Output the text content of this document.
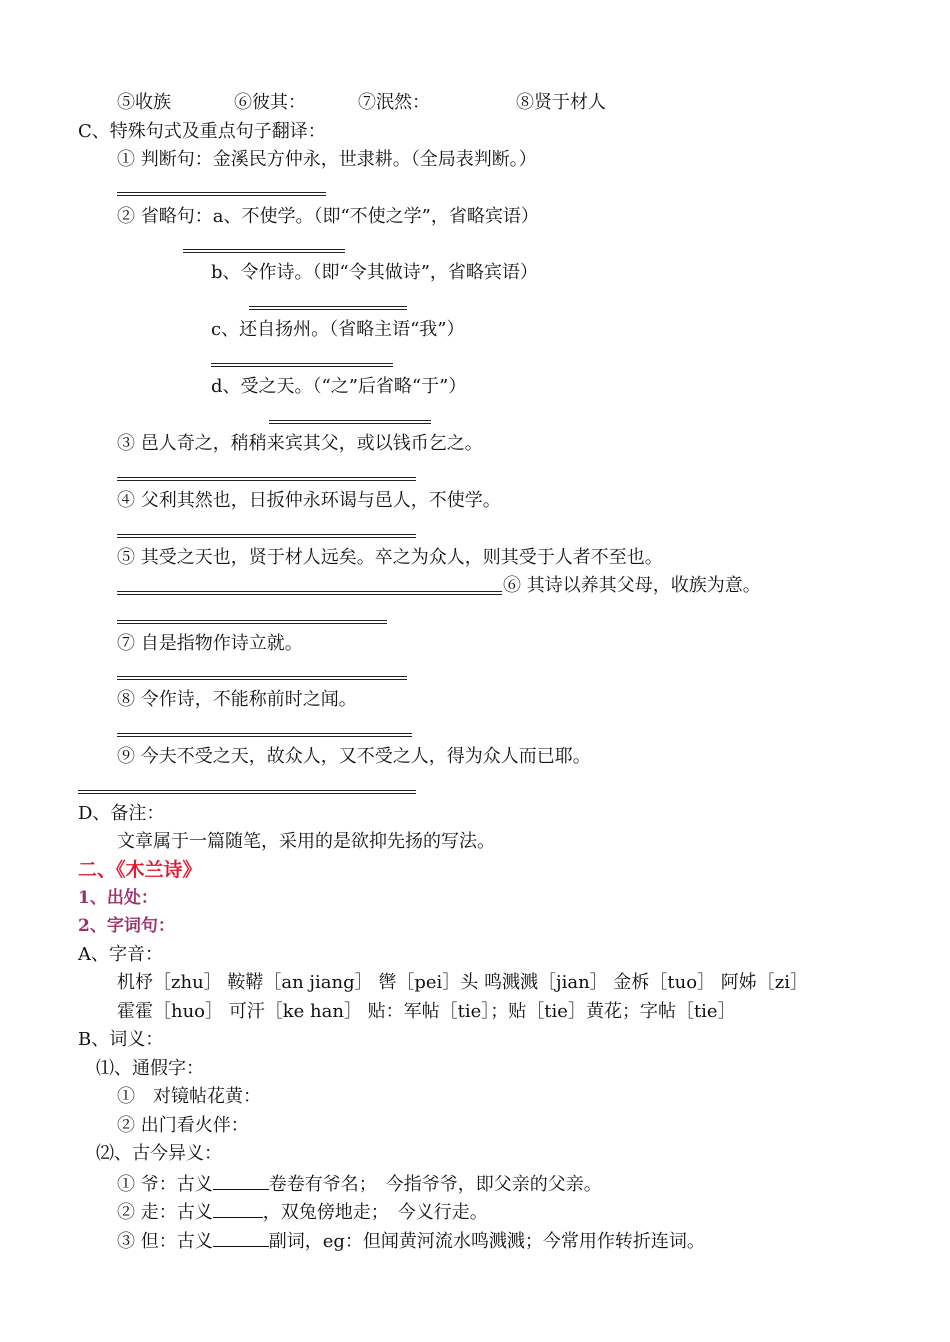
⑤收族	⑥彼其：	⑦泯然：	⑧贤于材人
C、特殊句式及重点句子翻译：
① 判断句：金溪民方仲永，世隶耕。（全局表判断。）
② 省略句：a、不使学。（即“不使之学”，省略宾语）
b、令作诗。（即“令其做诗”，省略宾语）
c、还自扬州。（省略主语“我”）
d、受之天。（“之”后省略“于”）
③ 邑人奇之，稍稍来宾其父，或以钱币乞之。
④ 父利其然也，日扳仲永环谒与邑人，不使学。
⑤ 其受之天也，贤于材人远矣。卒之为众人，则其受于人者不至也。
⑥ 其诗以养其父母，收族为意。
⑦ 自是指物作诗立就。
⑧ 令作诗，不能称前时之闻。
⑨ 今夫不受之天，故众人，又不受之人，得为众人而已耶。
D、备注：
文章属于一篇随笔，采用的是欲抑先扬的写法。
二、《木兰诗》
1、出处：
2、字词句：
A、字音：
机杼［zhu］ 鞍鞯［an jiang］ 辔［pei］头 鸣溅溅［jian］ 金柝［tuo］ 阿姊［zi］
霍霍［huo］ 可汗［ke han］ 贴：军帖［tie］；贴［tie］黄花；字帖［tie］
B、词义：
⑴、通假字：
①　对镜帖花黄：
② 出门看火伴：
⑵、古今异义：
① 爷：古义	卷卷有爷名；　今指爷爷，即父亲的父亲。
② 走：古义	，双兔傍地走；　今义行走。
③ 但：古义	副词，eg：但闻黄河流水鸣溅溅；今常用作转折连词。
